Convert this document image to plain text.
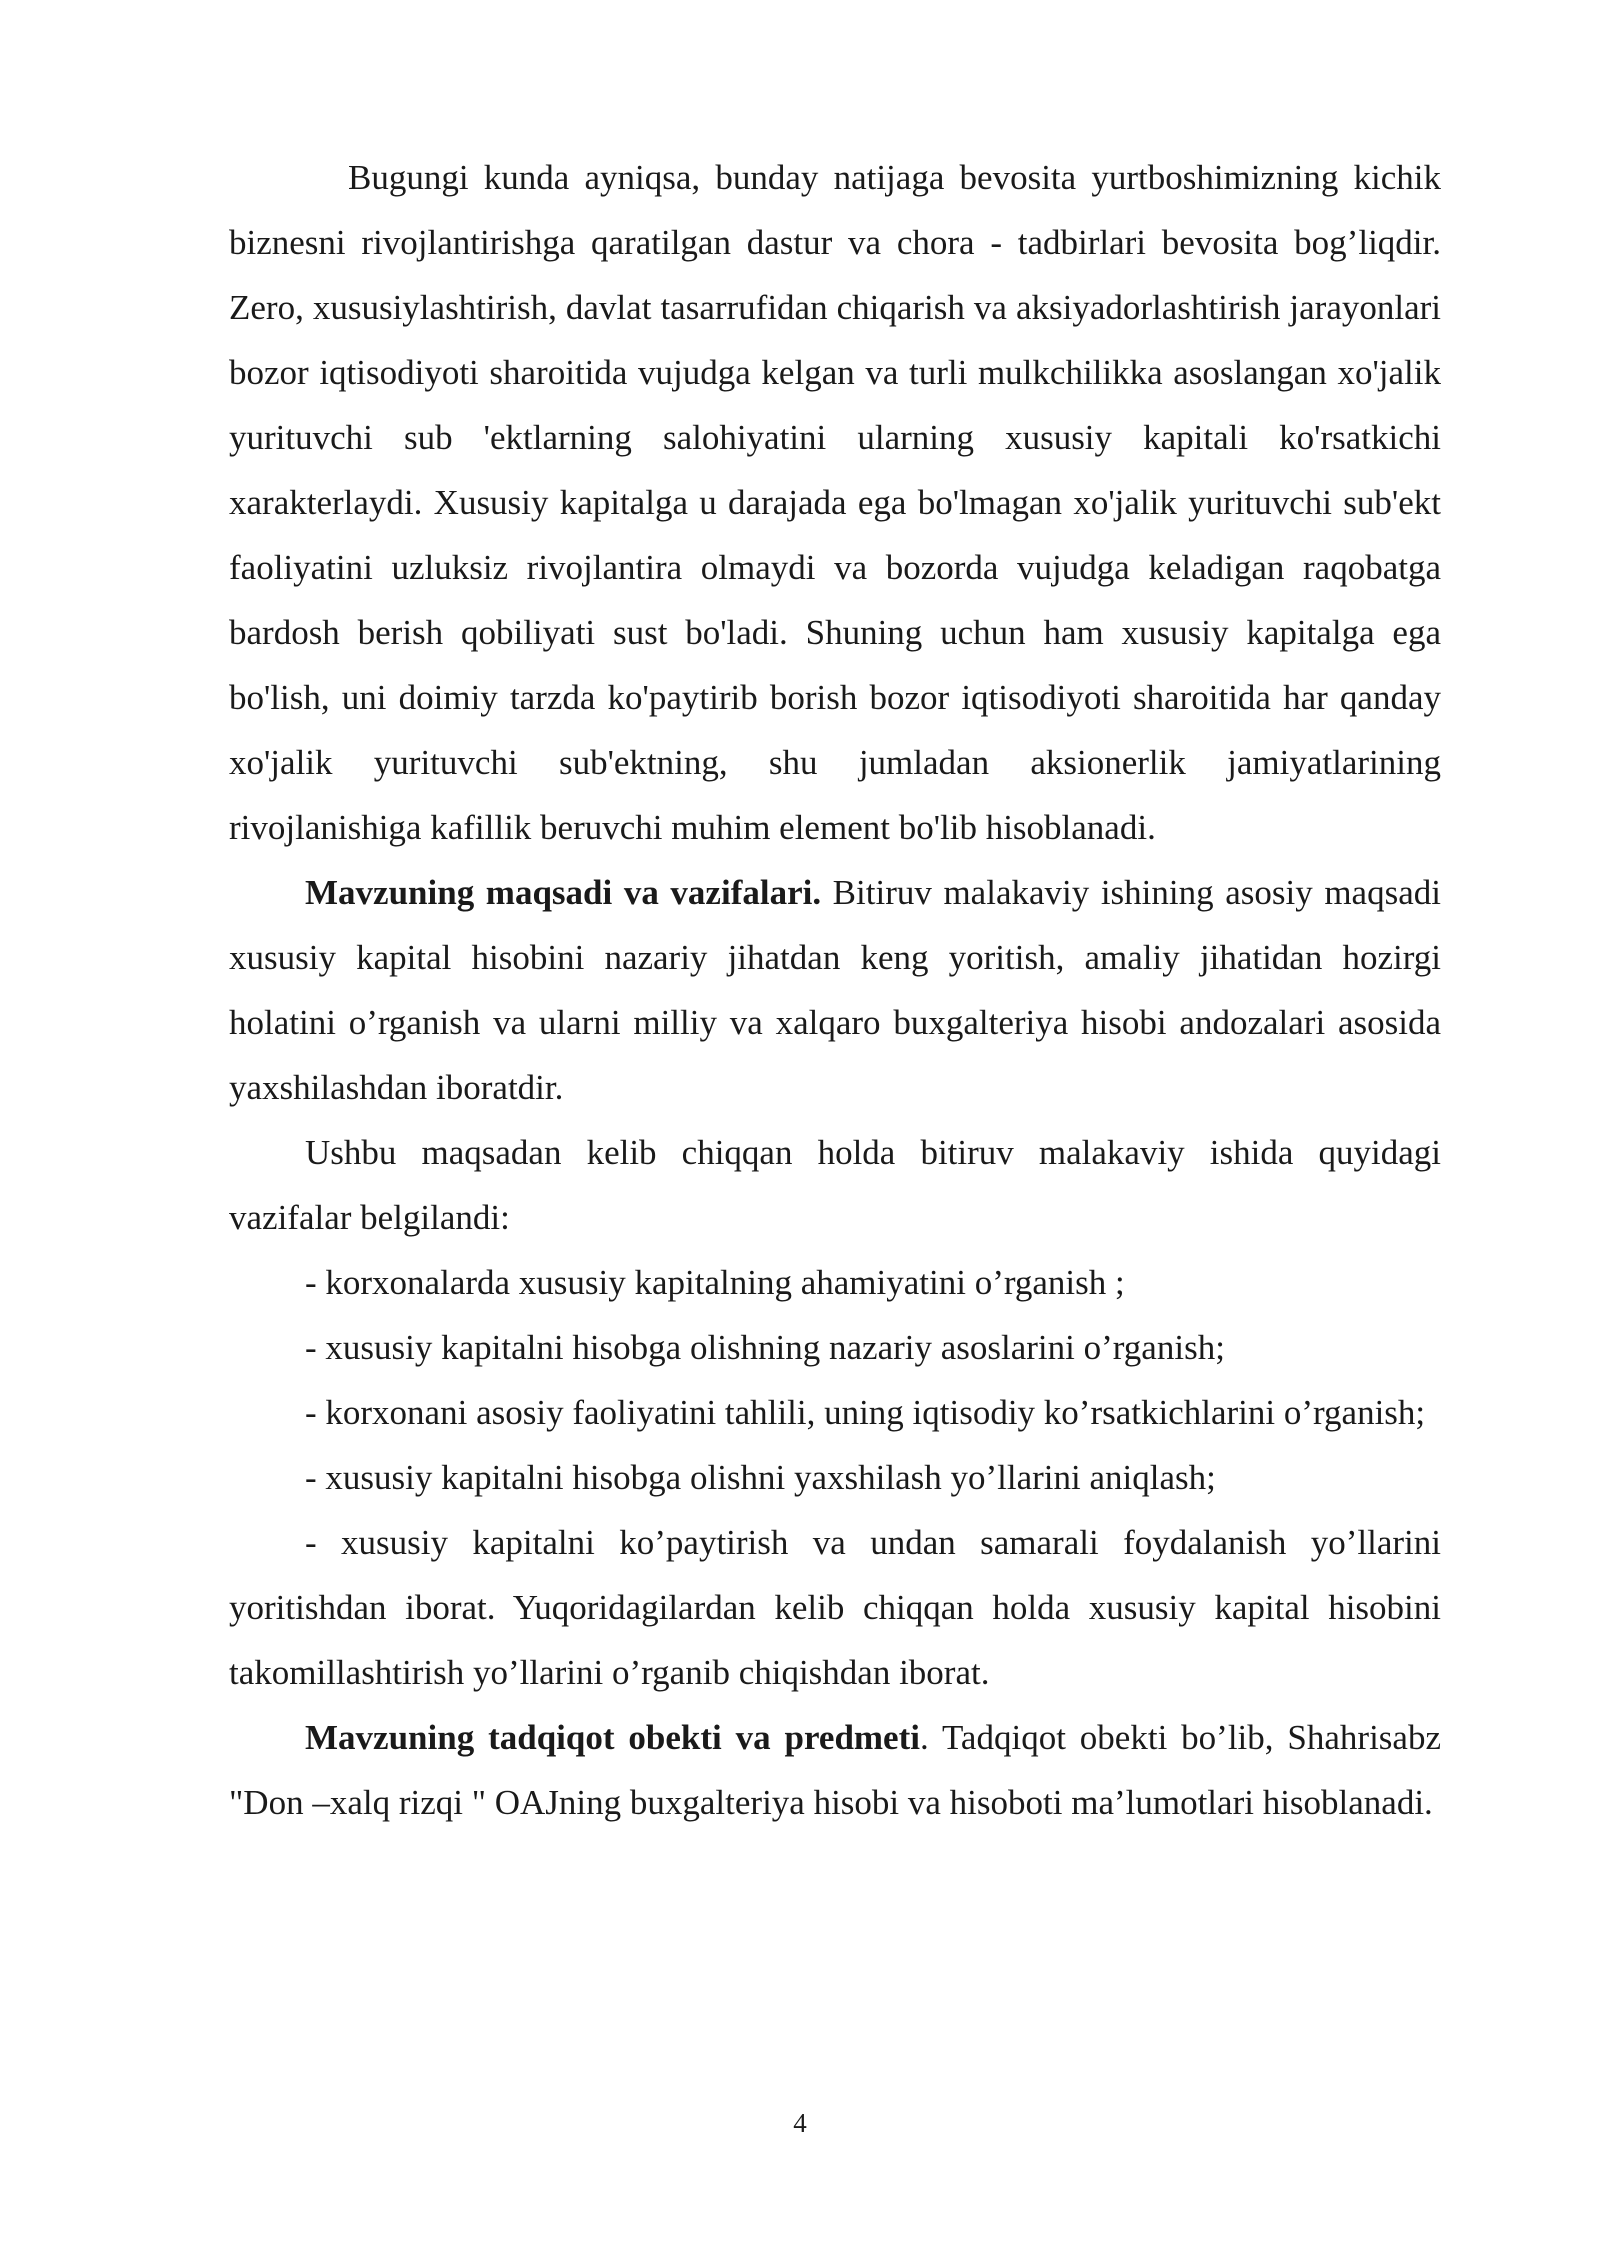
Bugungi kunda ayniqsa, bunday natijaga bevosita yurtboshimizning kichik biznesni rivojlantirishga qaratilgan dastur va chora - tadbirlari bevosita bog’liqdir. Zero, xususiylashtirish, davlat tasarrufidan chiqarish va aksiyadorlashtirish jarayonlari bozor iqtisodiyoti sharoitida vujudga kelgan va turli mulkchilikka asoslangan xo'jalik yurituvchi sub 'ektlarning salohiyatini ularning xususiy kapitali ko'rsatkichi xarakterlaydi. Xususiy kapitalga u darajada ega bo'lmagan xo'jalik yurituvchi sub'ekt faoliyatini uzluksiz rivojlantira olmaydi va bozorda vujudga keladigan raqobatga bardosh berish qobiliyati sust bo'ladi. Shuning uchun ham xususiy kapitalga ega bo'lish, uni doimiy tarzda ko'paytirib borish bozor iqtisodiyoti sharoitida har qanday xo'jalik yurituvchi sub'ektning, shu jumladan aksionerlik jamiyatlarining rivojlanishiga kafillik beruvchi muhim element bo'lib hisoblanadi.

Mavzuning maqsadi va vazifalari. Bitiruv malakaviy ishining asosiy maqsadi xususiy kapital hisobini nazariy jihatdan keng yoritish, amaliy jihatidan hozirgi holatini o’rganish va ularni milliy va xalqaro buxgalteriya hisobi andozalari asosida yaxshilashdan iboratdir.

Ushbu maqsadan kelib chiqqan holda bitiruv malakaviy ishida quyidagi vazifalar belgilandi:

- korxonalarda xususiy kapitalning ahamiyatini o’rganish ;

- xususiy kapitalni hisobga olishning nazariy asoslarini o’rganish;

- korxonani asosiy faoliyatini tahlili, uning iqtisodiy ko’rsatkichlarini o’rganish;

- xususiy kapitalni hisobga olishni yaxshilash yo’llarini aniqlash;

- xususiy kapitalni ko’paytirish va undan samarali foydalanish yo’llarini yoritishdan iborat. Yuqoridagilardan kelib chiqqan holda xususiy kapital hisobini takomillashtirish yo’llarini o’rganib chiqishdan iborat.

Mavzuning tadqiqot obekti va predmeti. Tadqiqot obekti bo’lib, Shahrisabz "Don –xalq rizqi " OAJning buxgalteriya hisobi va hisoboti ma’lumotlari hisoblanadi.

4
